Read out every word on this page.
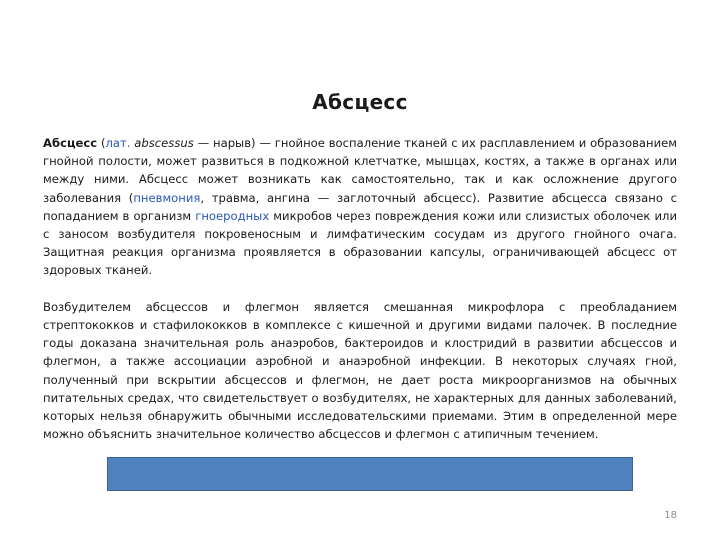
Абсцесс

Абсцесс (лат. abscessus — нарыв) — гнойное воспаление тканей с их расплавлением и образованием гнойной полости, может развиться в подкожной клетчатке, мышцах, костях, а также в органах или между ними. Абсцесс может возникать как самостоятельно, так и как осложнение другого заболевания (пневмония, травма, ангина — заглоточный абсцесс). Развитие абсцесса связано с попаданием в организм гноеродных микробов через повреждения кожи или слизистых оболочек или с заносом возбудителя покровеносным и лимфатическим сосудам из другого гнойного очага. Защитная реакция организма проявляется в образовании капсулы, ограничивающей абсцесс от здоровых тканей.

Возбудителем абсцессов и флегмон является смешанная микрофлора с преобладанием стрептококков и стафилококков в комплексе с кишечной и другими видами палочек. В последние годы доказана значительная роль анаэробов, бактероидов и клостридий в развитии абсцессов и флегмон, а также ассоциации аэробной и анаэробной инфекции. В некоторых случаях гной, полученный при вскрытии абсцессов и флегмон, не дает роста микроорганизмов на обычных питательных средах, что свидетельствует о возбудителях, не характерных для данных заболеваний, которых нельзя обнаружить обычными исследовательскими приемами. Этим в определенной мере можно объяснить значительное количество абсцессов и флегмон с атипичным течением.

18
